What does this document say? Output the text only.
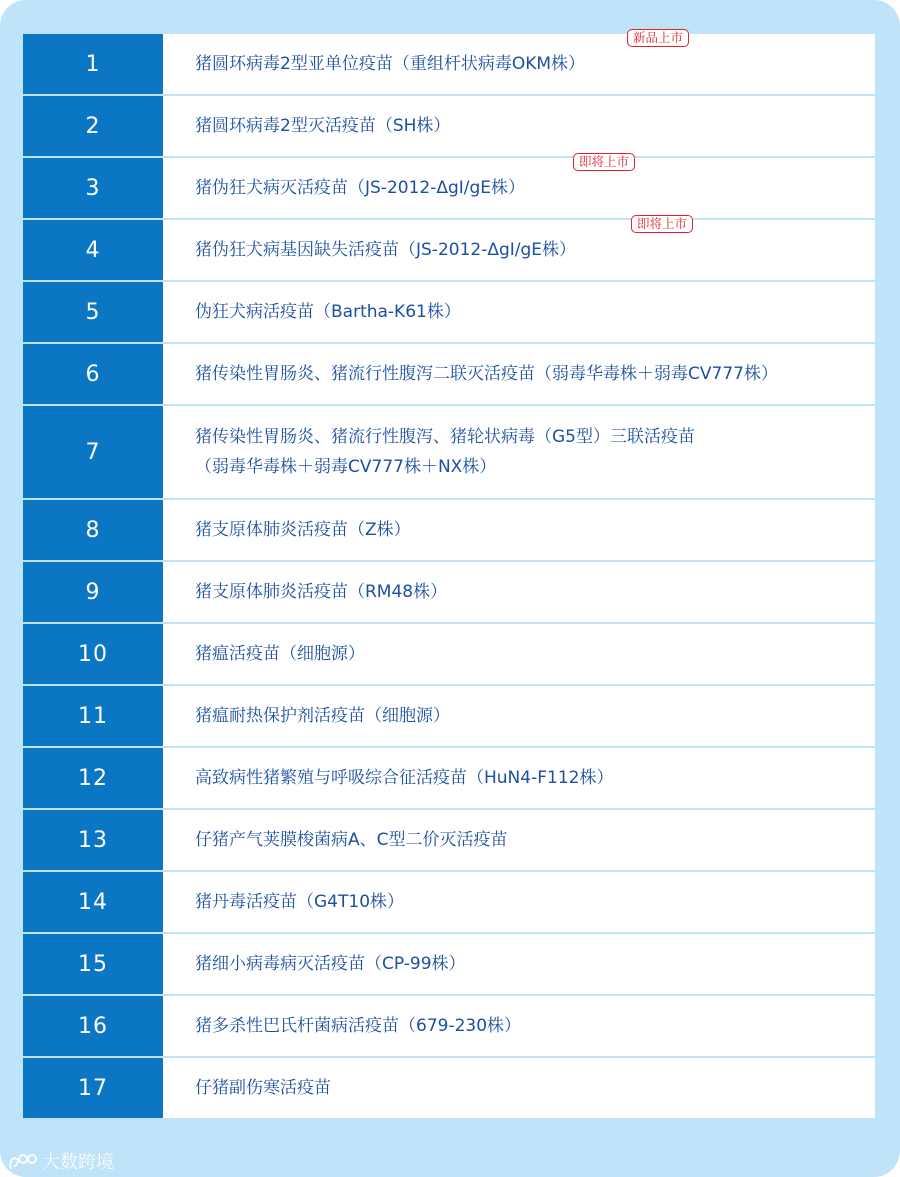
1	猪圆环病毒2型亚单位疫苗（重组杆状病毒OKM株）
新品上市
2	猪圆环病毒2型灭活疫苗（SH株）
3	猪伪狂犬病灭活疫苗（JS-2012-ΔgI/gE株）
即将上市
4	猪伪狂犬病基因缺失活疫苗（JS-2012-ΔgI/gE株）
即将上市
5	伪狂犬病活疫苗（Bartha-K61株）
6	猪传染性胃肠炎、猪流行性腹泻二联灭活疫苗（弱毒华毒株＋弱毒CV777株）
7
猪传染性胃肠炎、猪流行性腹泻、猪轮状病毒（G5型）三联活疫苗
（弱毒华毒株＋弱毒CV777株＋NX株）
8	猪支原体肺炎活疫苗（Z株）
9	猪支原体肺炎活疫苗（RM48株）
10	猪瘟活疫苗（细胞源）
11	猪瘟耐热保护剂活疫苗（细胞源）
12	高致病性猪繁殖与呼吸综合征活疫苗（HuN4-F112株）
13	仔猪产气荚膜梭菌病A、C型二价灭活疫苗
14	猪丹毒活疫苗（G4T10株）
15	猪细小病毒病灭活疫苗（CP-99株）
16	猪多杀性巴氏杆菌病活疫苗（679-230株）
17	仔猪副伤寒活疫苗
大数跨境
